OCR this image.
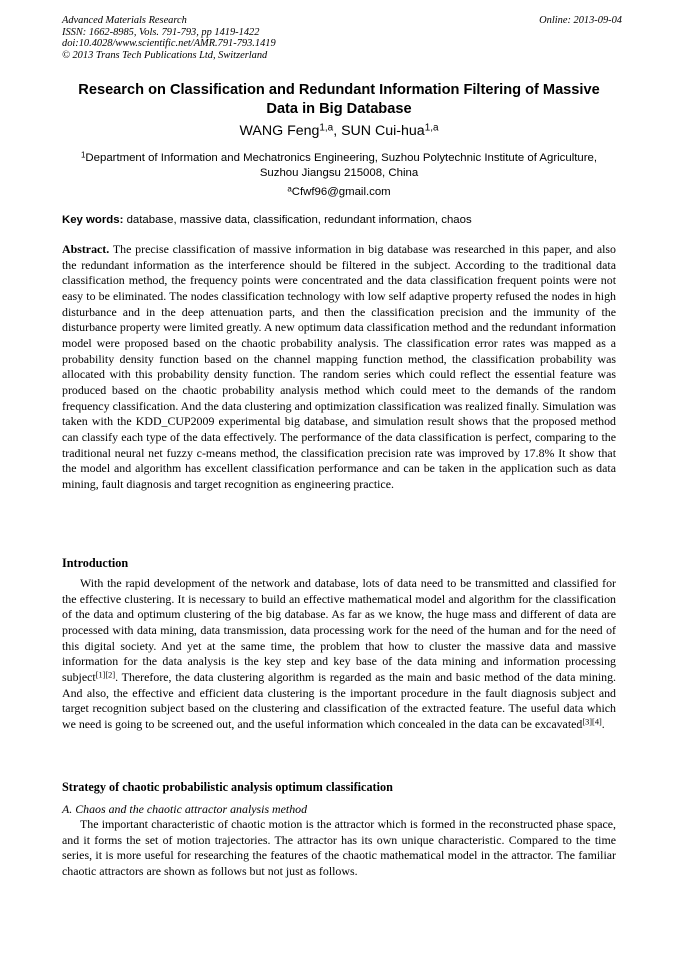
Advanced Materials Research
ISSN: 1662-8985, Vols. 791-793, pp 1419-1422
doi:10.4028/www.scientific.net/AMR.791-793.1419
© 2013 Trans Tech Publications Ltd, Switzerland
Online: 2013-09-04
Research on Classification and Redundant Information Filtering of Massive Data in Big Database
WANG Feng$^{1,a}$, SUN Cui-hua$^{1,a}$
$^1$Department of Information and Mechatronics Engineering, Suzhou Polytechnic Institute of Agriculture, Suzhou Jiangsu 215008, China
$^a$Cfwf96@gmail.com
Key words: database, massive data, classification, redundant information, chaos
Abstract. The precise classification of massive information in big database was researched in this paper, and also the redundant information as the interference should be filtered in the subject. According to the traditional data classification method, the frequency points were concentrated and the data classification frequent points were not easy to be eliminated. The nodes classification technology with low self adaptive property refused the nodes in high disturbance and in the deep attenuation parts, and then the classification precision and the immunity of the disturbance property were limited greatly. A new optimum data classification method and the redundant information model were proposed based on the chaotic probability analysis. The classification error rates was mapped as a probability density function based on the channel mapping function method, the classification probability was allocated with this probability density function. The random series which could reflect the essential feature was produced based on the chaotic probability analysis method which could meet to the demands of the random frequency classification. And the data clustering and optimization classification was realized finally. Simulation was taken with the KDD_CUP2009 experimental big database, and simulation result shows that the proposed method can classify each type of the data effectively. The performance of the data classification is perfect, comparing to the traditional neural net fuzzy c-means method, the classification precision rate was improved by 17.8% It show that the model and algorithm has excellent classification performance and can be taken in the application such as data mining, fault diagnosis and target recognition as engineering practice.
Introduction
With the rapid development of the network and database, lots of data need to be transmitted and classified for the effective clustering. It is necessary to build an effective mathematical model and algorithm for the classification of the data and optimum clustering of the big database. As far as we know, the huge mass and different of data are processed with data mining, data transmission, data processing work for the need of the human and for the need of this digital society. And yet at the same time, the problem that how to cluster the massive data and massive information for the data analysis is the key step and key base of the data mining and information processing subject[1][2]. Therefore, the data clustering algorithm is regarded as the main and basic method of the data mining. And also, the effective and efficient data clustering is the important procedure in the fault diagnosis subject and target recognition subject based on the clustering and classification of the extracted feature. The useful data which we need is going to be screened out, and the useful information which concealed in the data can be excavated[3][4].
Strategy of chaotic probabilistic analysis optimum classification
A. Chaos and the chaotic attractor analysis method
The important characteristic of chaotic motion is the attractor which is formed in the reconstructed phase space, and it forms the set of motion trajectories. The attractor has its own unique characteristic. Compared to the time series, it is more useful for researching the features of the chaotic mathematical model in the attractor. The familiar chaotic attractors are shown as follows but not just as follows.
